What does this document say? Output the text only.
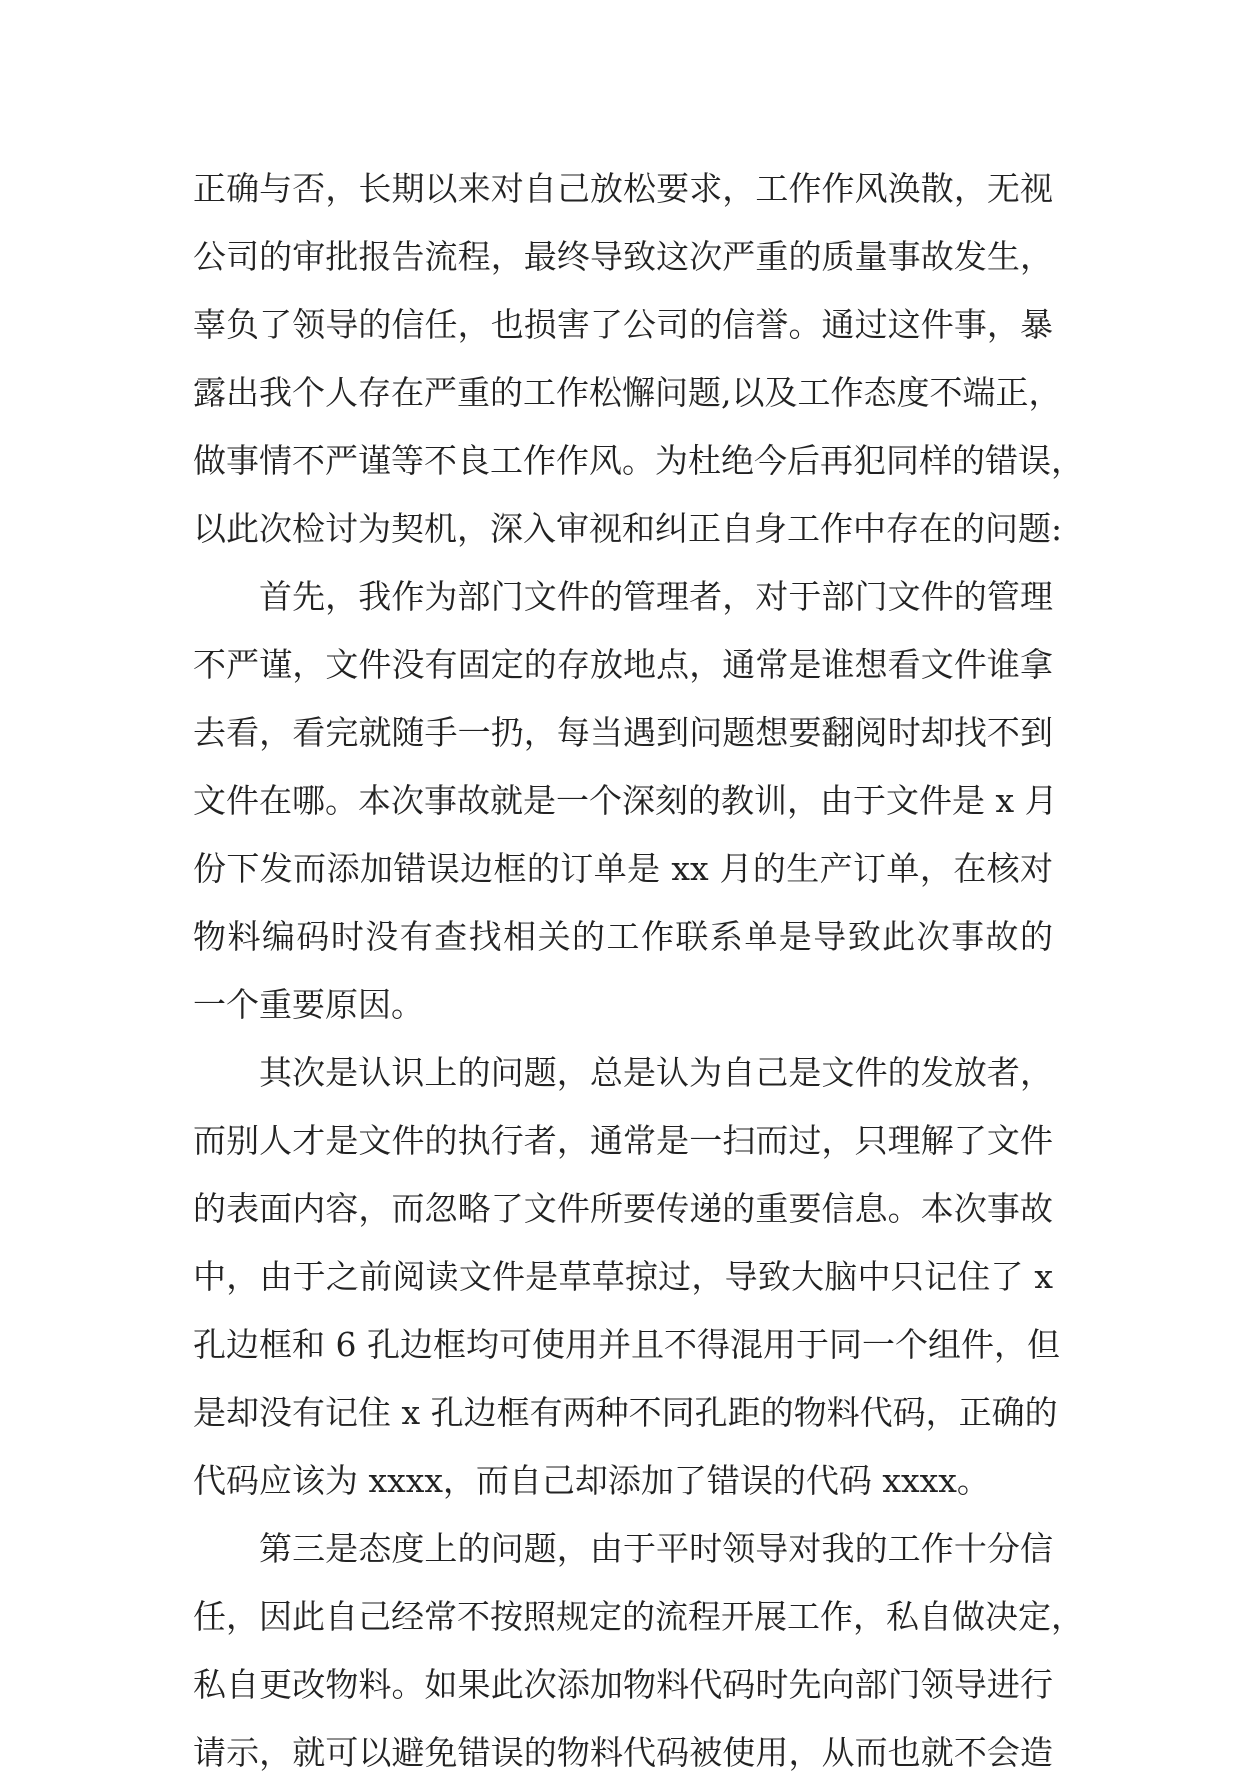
正确与否，长期以来对自己放松要求，工作作风涣散，无视
公司的审批报告流程，最终导致这次严重的质量事故发生，
辜负了领导的信任，也损害了公司的信誉。通过这件事，暴
露出我个人存在严重的工作松懈问题,以及工作态度不端正，
做事情不严谨等不良工作作风。为杜绝今后再犯同样的错误，
以此次检讨为契机，深入审视和纠正自身工作中存在的问题:
首先，我作为部门文件的管理者，对于部门文件的管理
不严谨，文件没有固定的存放地点，通常是谁想看文件谁拿
去看，看完就随手一扔，每当遇到问题想要翻阅时却找不到
文件在哪。本次事故就是一个深刻的教训，由于文件是 x 月
份下发而添加错误边框的订单是 xx 月的生产订单，在核对
物料编码时没有查找相关的工作联系单是导致此次事故的
一个重要原因。
其次是认识上的问题，总是认为自己是文件的发放者，
而别人才是文件的执行者，通常是一扫而过，只理解了文件
的表面内容，而忽略了文件所要传递的重要信息。本次事故
中，由于之前阅读文件是草草掠过，导致大脑中只记住了 x
孔边框和 6 孔边框均可使用并且不得混用于同一个组件，但
是却没有记住 x 孔边框有两种不同孔距的物料代码，正确的
代码应该为 xxxx，而自己却添加了错误的代码 xxxx。
第三是态度上的问题，由于平时领导对我的工作十分信
任，因此自己经常不按照规定的流程开展工作，私自做决定，
私自更改物料。如果此次添加物料代码时先向部门领导进行
请示，就可以避免错误的物料代码被使用，从而也就不会造
